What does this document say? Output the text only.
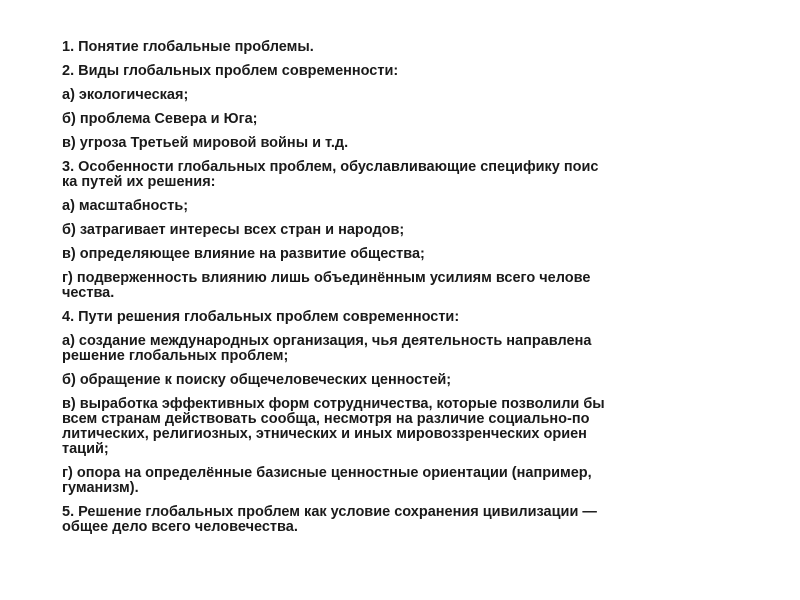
1. Понятие глобальные проблемы.
2. Виды глобальных проблем современности:
а) экологическая;
б) проблема Севера и Юга;
в) угроза Третьей мировой войны и т.д.
3. Особенности глобальных проблем, обуславливающие специфику поис
ка путей их решения:
а) масштабность;
б) затрагивает интересы всех стран и народов;
в) определяющее влияние на развитие общества;
г) подверженность влиянию лишь объединённым усилиям всего челове
чества.
4. Пути решения глобальных проблем современности:
а) создание международных организация, чья деятельность направлена
решение глобальных проблем;
б) обращение к поиску общечеловеческих ценностей;
в) выработка эффективных форм сотрудничества, которые позволили бы
всем странам действовать сообща, несмотря на различие социально-по
литических, религиозных, этнических и иных мировоззренческих ориен
таций;
г) опора на определённые базисные ценностные ориентации (например,
гуманизм).
5. Решение глобальных проблем как условие сохранения цивилизации —
общее дело всего человечества.
